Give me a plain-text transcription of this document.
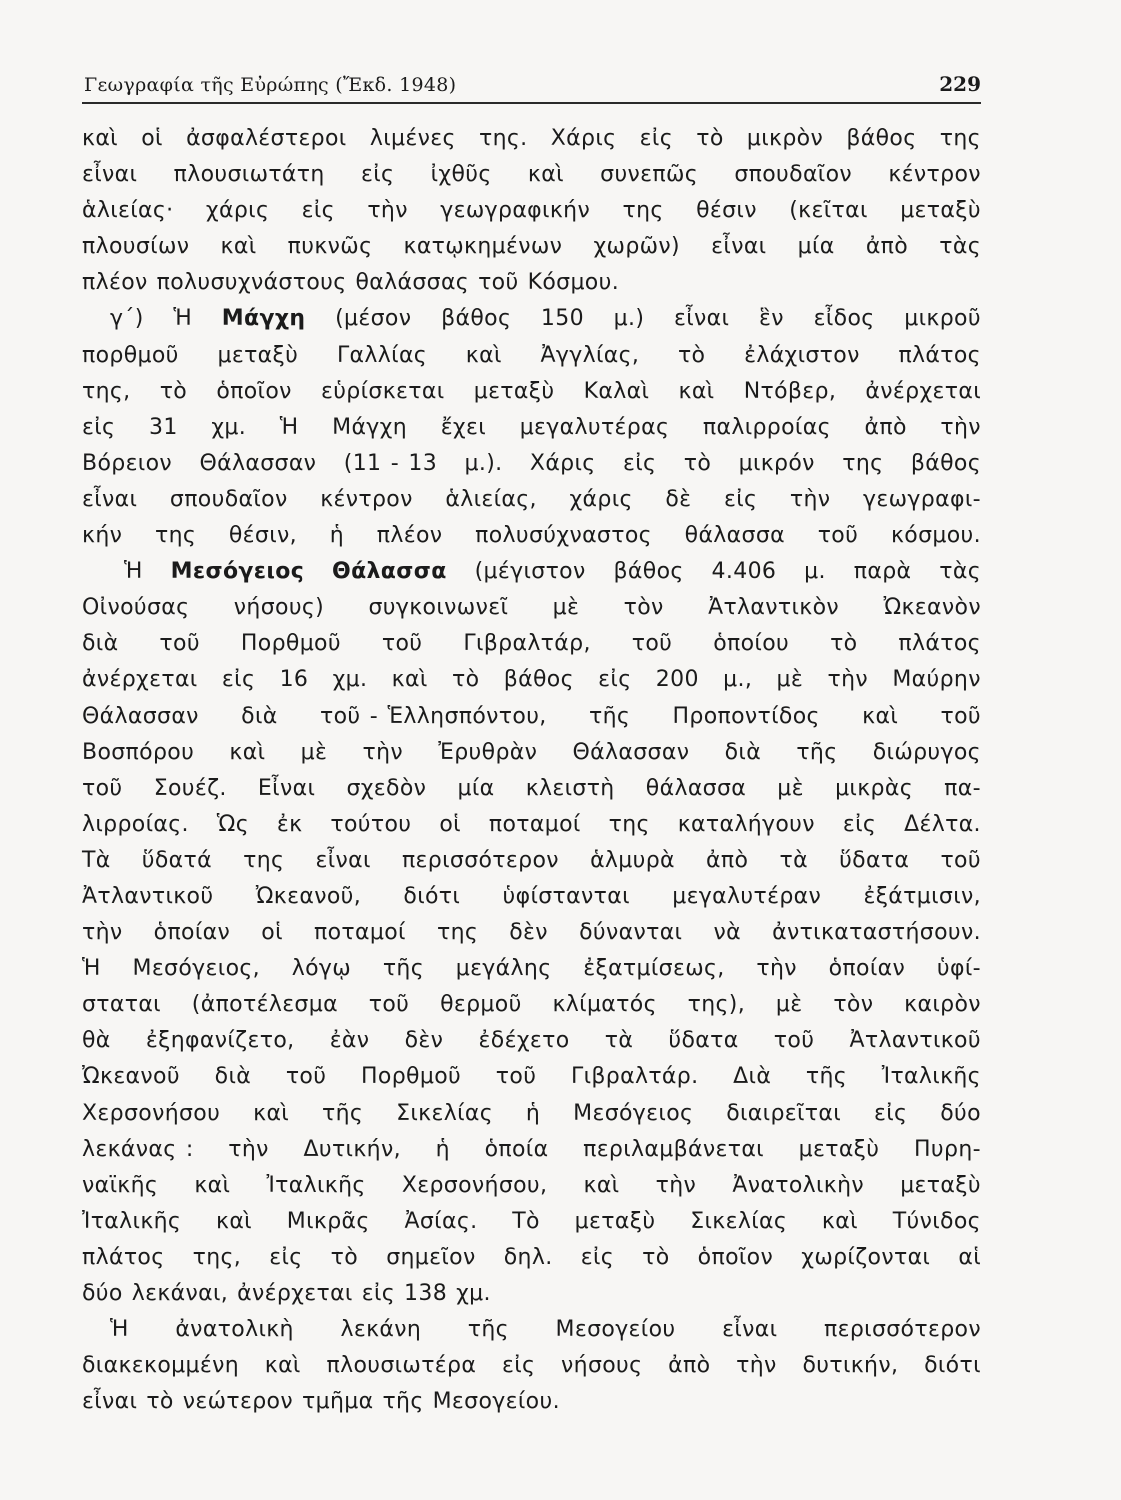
Γεωγραφία τῆς Εὐρώπης (Ἔκδ. 1948)	229
καὶ οἱ ἀσφαλέστεροι λιμένες της. Χάρις εἰς τὸ μικρὸν βάθος της
εἶναι πλουσιωτάτη εἰς ἰχθῦς καὶ συνεπῶς σπουδαῖον κέντρον
ἁλιείας· χάρις εἰς τὴν γεωγραφικήν της θέσιν (κεῖται μεταξὺ
πλουσίων καὶ πυκνῶς κατῳκημένων χωρῶν) εἶναι μία ἀπὸ τὰς
πλέον πολυσυχνάστους θαλάσσας τοῦ Κόσμου.
γ΄) Ἡ Μάγχη (μέσον βάθος 150 μ.) εἶναι ἓν εἶδος μικροῦ
πορθμοῦ μεταξὺ Γαλλίας καὶ Ἀγγλίας, τὸ ἐλάχιστον πλάτος
της, τὸ ὁποῖον εὑρίσκεται μεταξὺ Καλαὶ καὶ Ντόβερ, ἀνέρχεται
εἰς 31 χμ. Ἡ Μάγχη ἔχει μεγαλυτέρας παλιρροίας ἀπὸ τὴν
Βόρειον Θάλασσαν (11 - 13 μ.). Χάρις εἰς τὸ μικρόν της βάθος
εἶναι σπουδαῖον κέντρον ἁλιείας, χάρις δὲ εἰς τὴν γεωγραφι-
κήν της θέσιν, ἡ πλέον πολυσύχναστος θάλασσα τοῦ κόσμου.
Ἡ Μεσόγειος Θάλασσα (μέγιστον βάθος 4.406 μ. παρὰ τὰς
Οἰνούσας νήσους) συγκοινωνεῖ μὲ τὸν Ἀτλαντικὸν Ὠκεανὸν
διὰ τοῦ Πορθμοῦ τοῦ Γιβραλτάρ, τοῦ ὁποίου τὸ πλάτος
ἀνέρχεται εἰς 16 χμ. καὶ τὸ βάθος εἰς 200 μ., μὲ τὴν Μαύρην
Θάλασσαν διὰ τοῦ - Ἑλλησπόντου, τῆς Προποντίδος καὶ τοῦ
Βοσπόρου καὶ μὲ τὴν Ἐρυθρὰν Θάλασσαν διὰ τῆς διώρυγος
τοῦ Σουέζ. Εἶναι σχεδὸν μία κλειστὴ θάλασσα μὲ μικρὰς πα-
λιρροίας. Ὡς ἐκ τούτου οἱ ποταμοί της καταλήγουν εἰς Δέλτα.
Τὰ ὕδατά της εἶναι περισσότερον ἁλμυρὰ ἀπὸ τὰ ὕδατα τοῦ
Ἀτλαντικοῦ Ὠκεανοῦ, διότι ὑφίστανται μεγαλυτέραν ἐξάτμισιν,
τὴν ὁποίαν οἱ ποταμοί της δὲν δύνανται νὰ ἀντικαταστήσουν.
Ἡ Μεσόγειος, λόγῳ τῆς μεγάλης ἐξατμίσεως, τὴν ὁποίαν ὑφί-
σταται (ἀποτέλεσμα τοῦ θερμοῦ κλίματός της), μὲ τὸν καιρὸν
θὰ ἐξηφανίζετο, ἐὰν δὲν ἐδέχετο τὰ ὕδατα τοῦ Ἀτλαντικοῦ
Ὠκεανοῦ διὰ τοῦ Πορθμοῦ τοῦ Γιβραλτάρ. Διὰ τῆς Ἰταλικῆς
Χερσονήσου καὶ τῆς Σικελίας ἡ Μεσόγειος διαιρεῖται εἰς δύο
λεκάνας : τὴν Δυτικήν, ἡ ὁποία περιλαμβάνεται μεταξὺ Πυρη-
ναϊκῆς καὶ Ἰταλικῆς Χερσονήσου, καὶ τὴν Ἀνατολικὴν μεταξὺ
Ἰταλικῆς καὶ Μικρᾶς Ἀσίας. Τὸ μεταξὺ Σικελίας καὶ Τύνιδος
πλάτος της, εἰς τὸ σημεῖον δηλ. εἰς τὸ ὁποῖον χωρίζονται αἱ
δύο λεκάναι, ἀνέρχεται εἰς 138 χμ.
Ἡ ἀνατολικὴ λεκάνη τῆς Μεσογείου εἶναι περισσότερον
διακεκομμένη καὶ πλουσιωτέρα εἰς νήσους ἀπὸ τὴν δυτικήν, διότι
εἶναι τὸ νεώτερον τμῆμα τῆς Μεσογείου.
